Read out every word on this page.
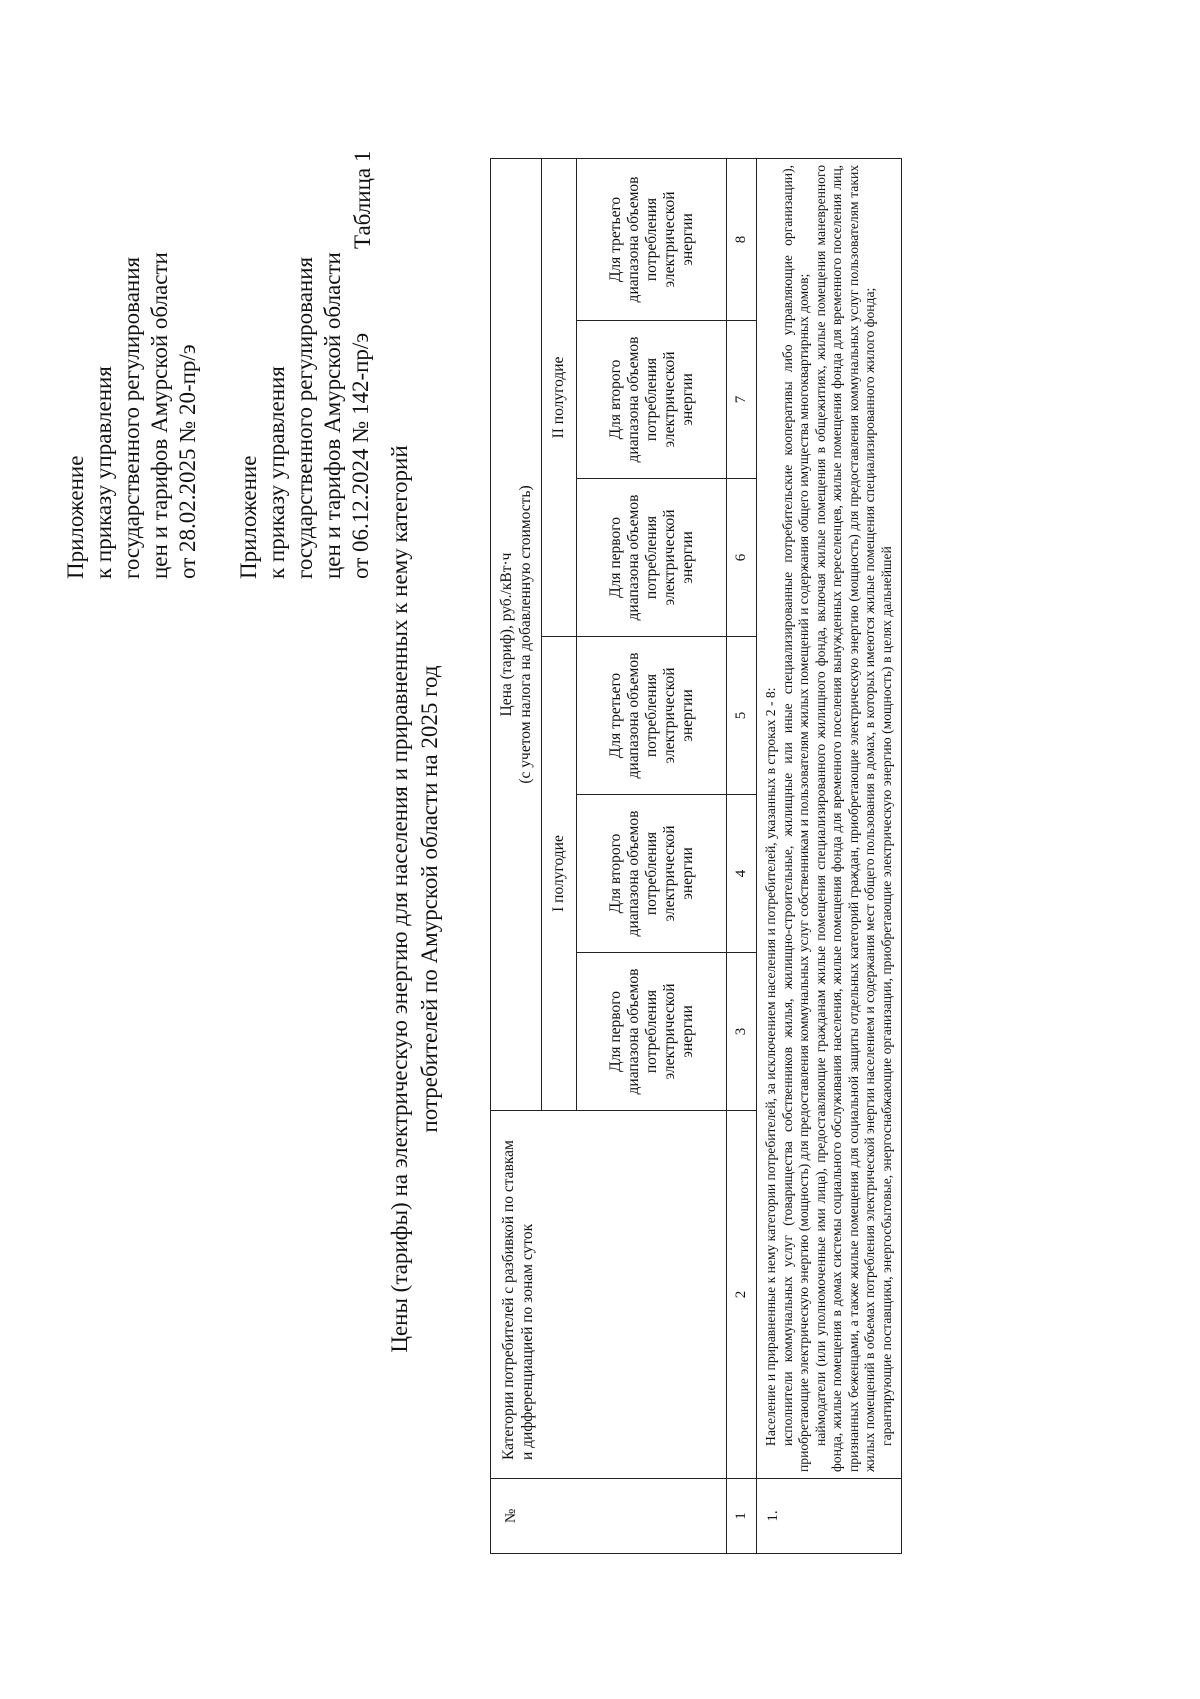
Приложение к приказу управления государственного регулирования цен и тарифов Амурской области от 28.02.2025 № 20-пр/э Приложение к приказу управления государственного регулирования цен и тарифов Амурской области от 06.12.2024 № 142-пр/э
Таблица 1
Цены (тарифы) на электрическую энергию для населения и приравненных к нему категорий потребителей по Амурской области на 2025 год
№	Категории потребителей с разбивкой по ставкам и дифференциацией по зонам суток	Цена (тариф), руб./кВт·ч (с учетом налога на добавленную стоимость)					

		I полугодие			II полугодие		
		Для первого диапазона объемов потребления электрической энергии	Для второго диапазона объемов потребления электрической энергии	Для третьего диапазона объемов потребления электрической энергии	Для первого диапазона объемов потребления электрической энергии	Для второго диапазона объемов потребления электрической энергии	Для третьего диапазона объемов потребления электрической энергии
1	2	3	4	5	6	7	8
1.	Население и приравненные к нему категории потребителей, за исключением населения и потребителей, указанных в строках 2 - 8: исполнители коммунальных услуг (товарищества собственников жилья, жилищно-строительные, жилищные или иные специализированные потребительские кооперативы либо управляющие организации), приобретающие электрическую энергию (мощность) для предоставления коммунальных услуг собственникам и пользователям жилых помещений и содержания общего имущества многоквартирных домов; наймодатели (или уполномоченные ими лица), предоставляющие гражданам жилые помещения специализированного жилищного фонда, включая жилые помещения в общежитиях, жилые помещения маневренного фонда, жилые помещения в домах системы социального обслуживания населения, жилые помещения фонда для временного поселения вынужденных переселенцев, жилые помещения фонда для временного поселения лиц, признанных беженцами, а также жилые помещения для социальной защиты отдельных категорий граждан, приобретающие электрическую энергию (мощность) для предоставления коммунальных услуг пользователям таких жилых помещений в объемах потребления электрической энергии населением и содержания мест общего пользования в домах, в которых имеются жилые помещения специализированного жилого фонда; гарантирующие поставщики, энергосбытовые, энергоснабжающие организации, приобретающие электрическую энергию (мощность) в целях дальнейшей						
